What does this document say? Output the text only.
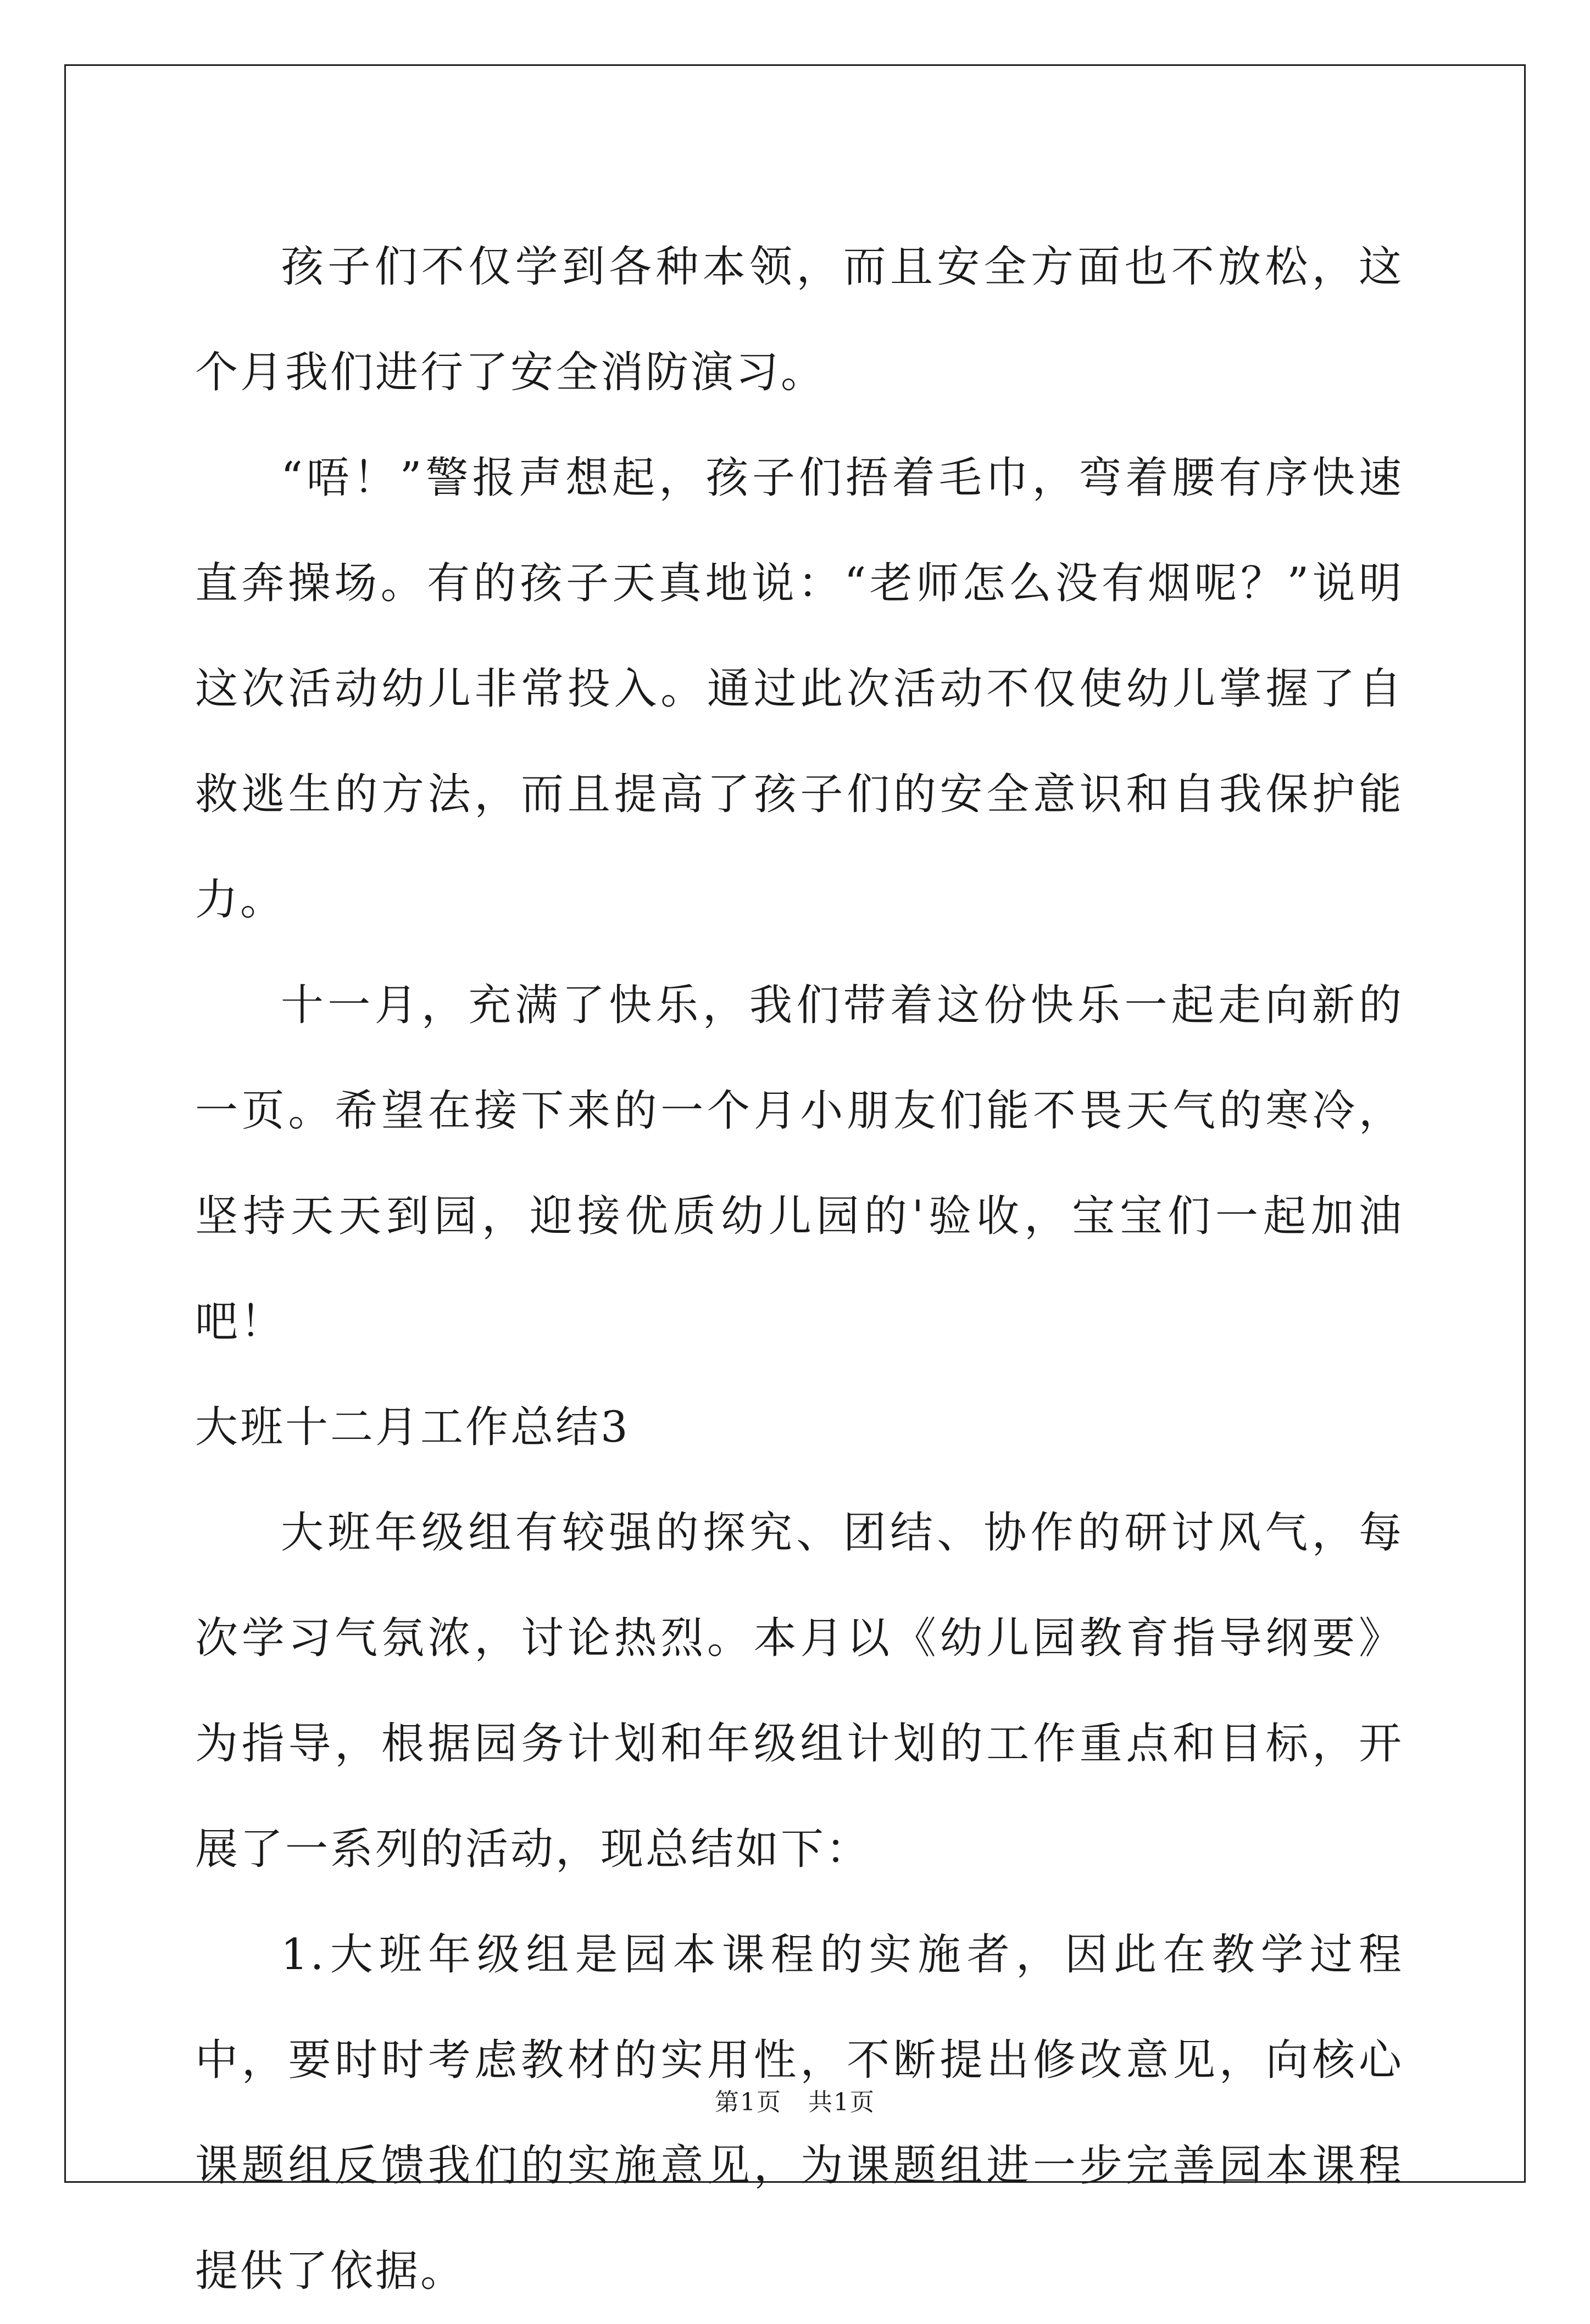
孩子们不仅学到各种本领，而且安全方面也不放松，这个月我们进行了安全消防演习。

“唔！”警报声想起，孩子们捂着毛巾，弯着腰有序快速直奔操场。有的孩子天真地说：“老师怎么没有烟呢？”说明这次活动幼儿非常投入。通过此次活动不仅使幼儿掌握了自救逃生的方法，而且提高了孩子们的安全意识和自我保护能力。

十一月，充满了快乐，我们带着这份快乐一起走向新的一页。希望在接下来的一个月小朋友们能不畏天气的寒冷，坚持天天到园，迎接优质幼儿园的'验收，宝宝们一起加油吧！

大班十二月工作总结3

大班年级组有较强的探究、团结、协作的研讨风气，每次学习气氛浓，讨论热烈。本月以《幼儿园教育指导纲要》为指导，根据园务计划和年级组计划的工作重点和目标，开展了一系列的活动，现总结如下：

1.大班年级组是园本课程的实施者，因此在教学过程中，要时时考虑教材的实用性，不断提出修改意见，向核心课题组反馈我们的实施意见，为课题组进一步完善园本课程提供了依据。

第1页   共1页
